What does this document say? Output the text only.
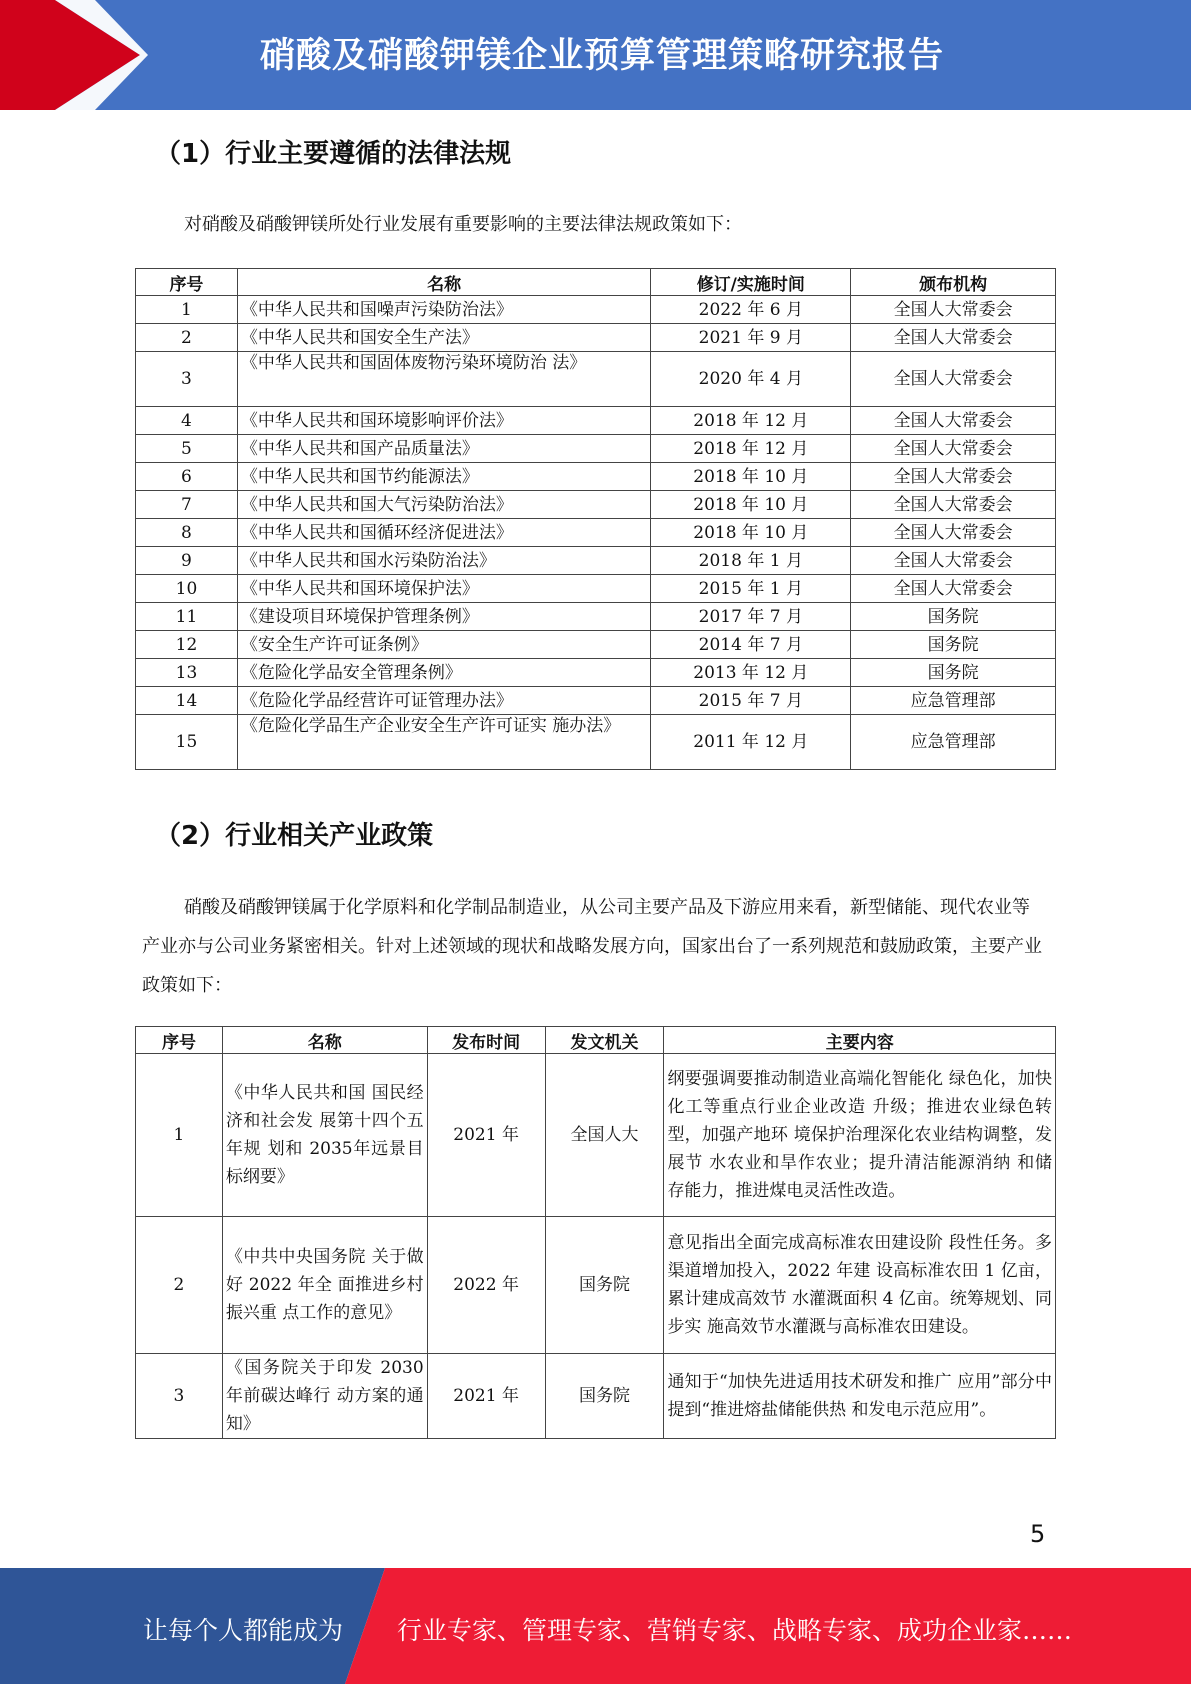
硝酸及硝酸钾镁企业预算管理策略研究报告
（1）行业主要遵循的法律法规
对硝酸及硝酸钾镁所处行业发展有重要影响的主要法律法规政策如下：
序号	名称	修订/实施时间	颁布机构
1	《中华人民共和国噪声污染防治法》	2022 年 6 月	全国人大常委会
2	《中华人民共和国安全生产法》	2021 年 9 月	全国人大常委会
3	《中华人民共和国固体废物污染环境防治 法》	2020 年 4 月	全国人大常委会
4	《中华人民共和国环境影响评价法》	2018 年 12 月	全国人大常委会
5	《中华人民共和国产品质量法》	2018 年 12 月	全国人大常委会
6	《中华人民共和国节约能源法》	2018 年 10 月	全国人大常委会
7	《中华人民共和国大气污染防治法》	2018 年 10 月	全国人大常委会
8	《中华人民共和国循环经济促进法》	2018 年 10 月	全国人大常委会
9	《中华人民共和国水污染防治法》	2018 年 1 月	全国人大常委会
10	《中华人民共和国环境保护法》	2015 年 1 月	全国人大常委会
11	《建设项目环境保护管理条例》	2017 年 7 月	国务院
12	《安全生产许可证条例》	2014 年 7 月	国务院
13	《危险化学品安全管理条例》	2013 年 12 月	国务院
14	《危险化学品经营许可证管理办法》	2015 年 7 月	应急管理部
15	《危险化学品生产企业安全生产许可证实 施办法》	2011 年 12 月	应急管理部
（2）行业相关产业政策
硝酸及硝酸钾镁属于化学原料和化学制品制造业，从公司主要产品及下游应用来看，新型储能、现代农业等产业亦与公司业务紧密相关。针对上述领域的现状和战略发展方向，国家出台了一系列规范和鼓励政策，主要产业政策如下：
序号	名称	发布时间	发文机关	主要内容
1	《中华人民共和国 国民经济和社会发 展第十四个五年规 划和 2035年远景目 标纲要》	2021 年	全国人大	纲要强调要推动制造业高端化智能化 绿色化，加快化工等重点行业企业改造 升级；推进农业绿色转型，加强产地环 境保护治理深化农业结构调整，发展节 水农业和旱作农业；提升清洁能源消纳 和储存能力，推进煤电灵活性改造。
2	《中共中央国务院 关于做好 2022 年全 面推进乡村振兴重 点工作的意见》	2022 年	国务院	意见指出全面完成高标准农田建设阶 段性任务。多渠道增加投入，2022 年建 设高标准农田 1 亿亩，累计建成高效节 水灌溉面积 4 亿亩。统筹规划、同步实 施高效节水灌溉与高标准农田建设。
3	《国务院关于印发 2030年前碳达峰行 动方案的通知》	2021 年	国务院	通知于“加快先进适用技术研发和推广 应用”部分中提到“推进熔盐储能供热 和发电示范应用”。
5
让每个人都能成为 行业专家、管理专家、营销专家、战略专家、成功企业家……
